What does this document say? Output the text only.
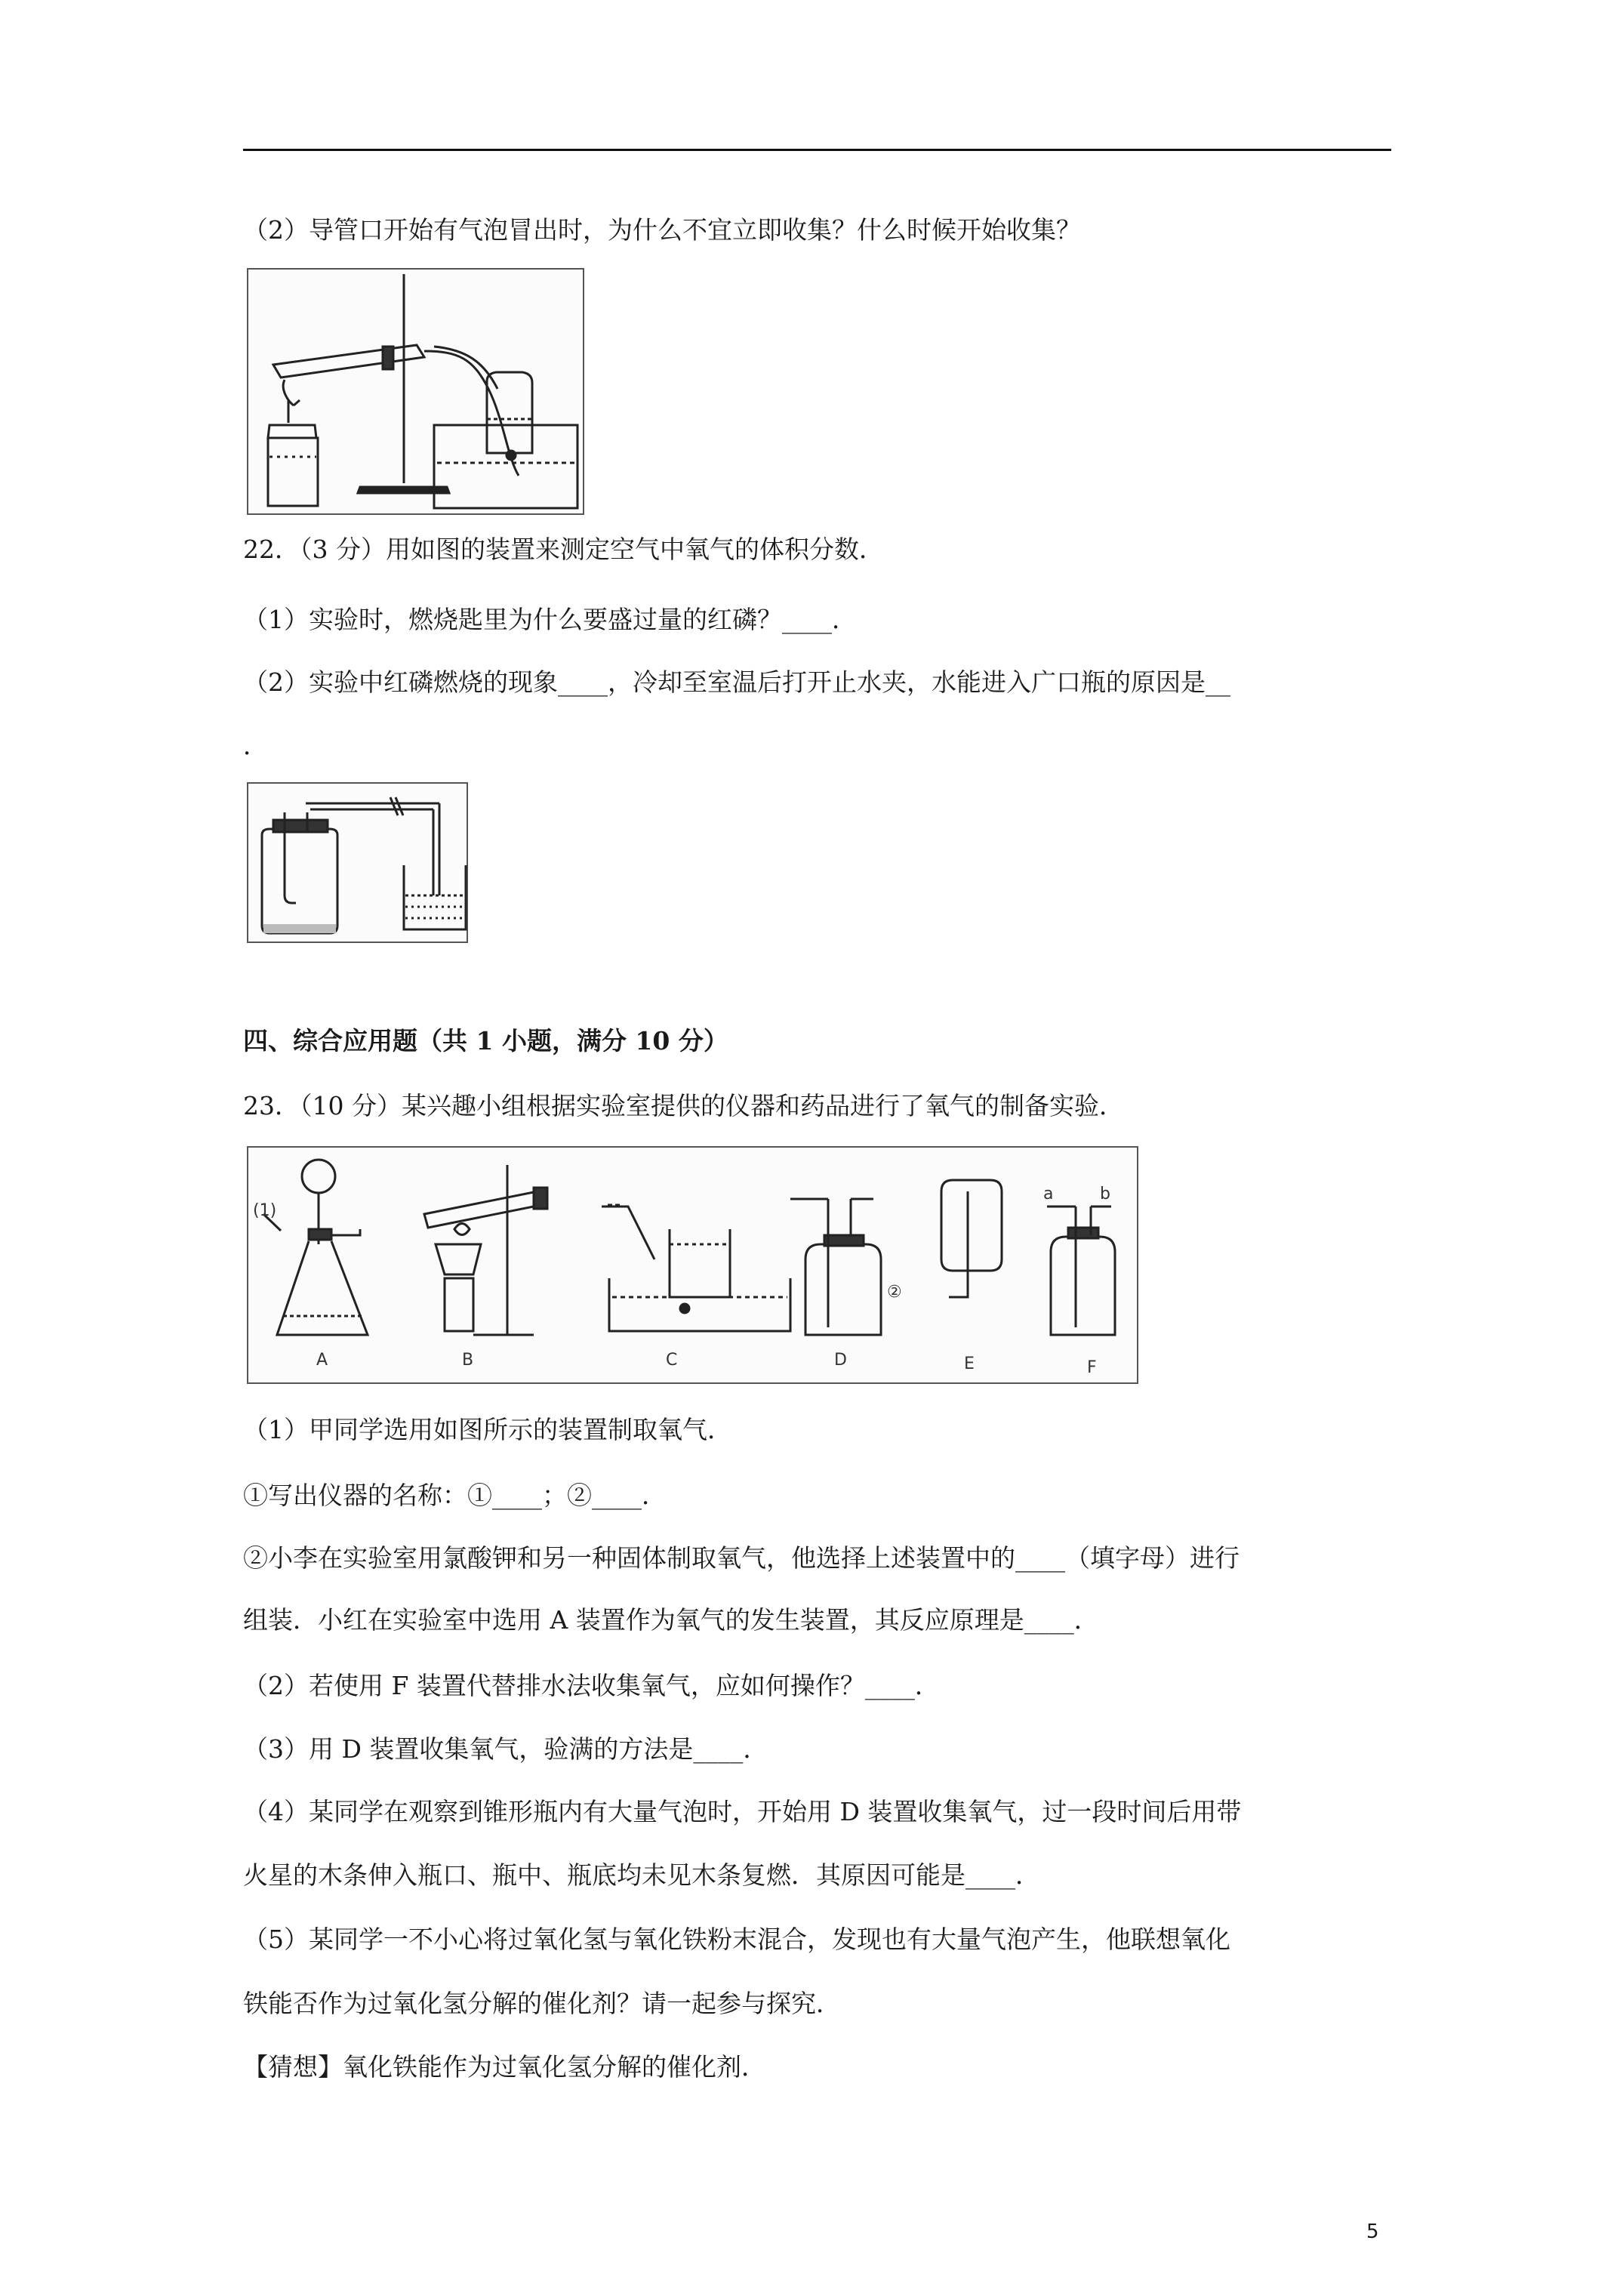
（2）导管口开始有气泡冒出时，为什么不宜立即收集？什么时候开始收集？
22．（3 分）用如图的装置来测定空气中氧气的体积分数．
（1）实验时，燃烧匙里为什么要盛过量的红磷？____．
（2）实验中红磷燃烧的现象____，冷却至室温后打开止水夹，水能进入广口瓶的原因是__
．
四、综合应用题（共 1 小题，满分 10 分）
23．（10 分）某兴趣小组根据实验室提供的仪器和药品进行了氧气的制备实验．
(1)
②
A	B	C	D	E	F
a	b
（1）甲同学选用如图所示的装置制取氧气．
①写出仪器的名称：①____；②____．
②小李在实验室用氯酸钾和另一种固体制取氧气，他选择上述装置中的____（填字母）进行
组装．小红在实验室中选用 A 装置作为氧气的发生装置，其反应原理是____．
（2）若使用 F 装置代替排水法收集氧气，应如何操作？____．
（3）用 D 装置收集氧气，验满的方法是____．
（4）某同学在观察到锥形瓶内有大量气泡时，开始用 D 装置收集氧气，过一段时间后用带
火星的木条伸入瓶口、瓶中、瓶底均未见木条复燃．其原因可能是____．
（5）某同学一不小心将过氧化氢与氧化铁粉末混合，发现也有大量气泡产生，他联想氧化
铁能否作为过氧化氢分解的催化剂？请一起参与探究．
【猜想】氧化铁能作为过氧化氢分解的催化剂．
5
